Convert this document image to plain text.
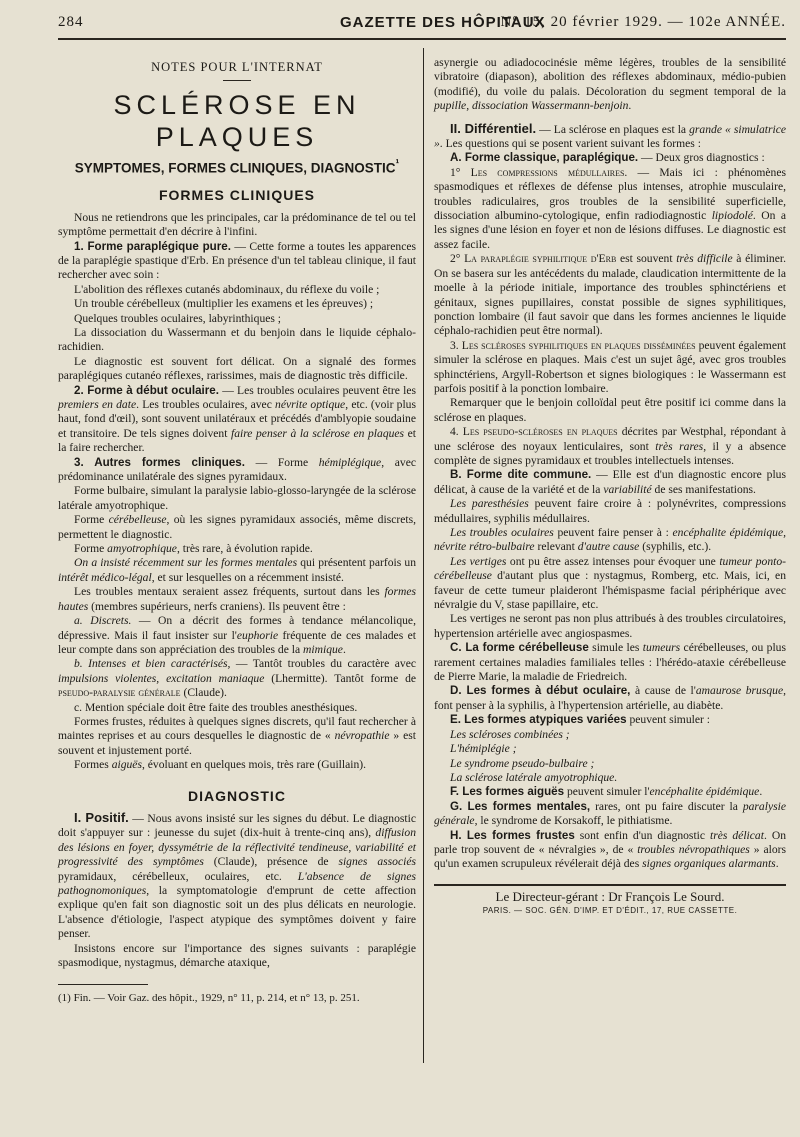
284	GAZETTE DES HÔPITAUX
N° 15, 20 février 1929. — 102e ANNÉE.
NOTES POUR L'INTERNAT
SCLÉROSE EN PLAQUES
SYMPTOMES, FORMES CLINIQUES, $DIAGNOSTIC^{^1}$
FORMES CLINIQUES

Nous ne retiendrons que les principales, car la prédominance de tel ou tel symptôme permettait d'en décrire à l'infini.

1. Forme paraplégique pure. — Cette forme a toutes les apparences de la paraplégie spastique d'Erb. En présence d'un tel tableau clinique, il faut rechercher avec soin :

L'abolition des réflexes cutanés abdominaux, du réflexe du voile ;

Un trouble cérébelleux (multiplier les examens et les épreuves) ;

Quelques troubles oculaires, labyrinthiques ;

La dissociation du Wassermann et du benjoin dans le liquide céphalo-rachidien.

Le diagnostic est souvent fort délicat. On a signalé des formes paraplégiques cutanéo réflexes, rarissimes, mais de diagnostic très difficile.

2. Forme à début oculaire. — Les troubles oculaires peuvent être les premiers en date. Les troubles oculaires, avec névrite optique, etc. (voir plus haut, fond d'œil), sont souvent unilatéraux et précédés d'amblyopie soudaine et transitoire. De tels signes doivent faire penser à la sclérose en plaques et la faire rechercher.

3. Autres formes cliniques. — Forme hémiplégique, avec prédominance unilatérale des signes pyramidaux.

Forme bulbaire, simulant la paralysie labio-glosso-laryngée de la sclérose latérale amyotrophique.

Forme cérébelleuse, où les signes pyramidaux associés, même discrets, permettent le diagnostic.

Forme amyotrophique, très rare, à évolution rapide.

On a insisté récemment sur les formes mentales qui présentent parfois un intérêt médico-légal, et sur lesquelles on a récemment insisté.

Les troubles mentaux seraient assez fréquents, surtout dans les formes hautes (membres supérieurs, nerfs craniens). Ils peuvent être :

a. Discrets. — On a décrit des formes à tendance mélancolique, dépressive. Mais il faut insister sur l'euphorie fréquente de ces malades et leur compte dans son appréciation des troubles de la mimique.

b. Intenses et bien caractérisés, — Tantôt troubles du caractère avec impulsions violentes, excitation maniaque (Lhermitte). Tantôt forme de pseudo-paralysie générale (Claude).

c. Mention spéciale doit être faite des troubles anesthésiques.

Formes frustes, réduites à quelques signes discrets, qu'il faut rechercher à maintes reprises et au cours desquelles le diagnostic de « névropathie » est souvent et injustement porté.

Formes aiguës, évoluant en quelques mois, très rare (Guillain).

DIAGNOSTIC

I. Positif. — Nous avons insisté sur les signes du début. Le diagnostic doit s'appuyer sur : jeunesse du sujet (dix-huit à trente-cinq ans), diffusion des lésions en foyer, dyssymétrie de la réflectivité tendineuse, variabilité et progressivité des symptômes (Claude), présence de signes associés pyramidaux, cérébelleux, oculaires, etc. L'absence de signes pathognomoniques, la symptomatologie d'emprunt de cette affection explique qu'en fait son diagnostic soit un des plus délicats en neurologie. L'absence d'étiologie, l'aspect atypique des symptômes doivent y faire penser.

Insistons encore sur l'importance des signes suivants : paraplégie spasmodique, nystagmus, démarche ataxique,

(1) Fin. — Voir Gaz. des hôpit., 1929, n° 11, p. 214, et n° 13, p. 251.

asynergie ou adiadococinésie même légères, troubles de la sensibilité vibratoire (diapason), abolition des réflexes abdominaux, médio-pubien (modifié), du voile du palais. Décoloration du segment temporal de la pupille, dissociation Wassermann-benjoin.

II. Différentiel. — La sclérose en plaques est la grande « simulatrice ». Les questions qui se posent varient suivant les formes :

A. Forme classique, paraplégique. — Deux gros diagnostics :

1° Les compressions médullaires. — Mais ici : phénomènes spasmodiques et réflexes de défense plus intenses, atrophie musculaire, troubles radiculaires, gros troubles de la sensibilité superficielle, dissociation albumino-cytologique, enfin radiodiagnostic lipiodolé. On a les signes d'une lésion en foyer et non de lésions diffuses. Le diagnostic est assez facile.

2° La paraplégie syphilitique d'Erb est souvent très difficile à éliminer. On se basera sur les antécédents du malade, claudication intermittente de la moelle à la période initiale, importance des troubles sphinctériens et génitaux, signes pupillaires, constat possible de signes syphilitiques, ponction lombaire (il faut savoir que dans les formes anciennes le liquide céphalo-rachidien peut être normal).

3. Les scléroses syphilitiques en plaques disséminées peuvent également simuler la sclérose en plaques. Mais c'est un sujet âgé, avec gros troubles sphinctériens, Argyll-Robertson et signes biologiques : le Wassermann est parfois positif à la ponction lombaire.

Remarquer que le benjoin colloïdal peut être positif ici comme dans la sclérose en plaques.

4. Les pseudo-scléroses en plaques décrites par Westphal, répondant à une sclérose des noyaux lenticulaires, sont très rares, il y a absence complète de signes pyramidaux et troubles intellectuels intenses.

B. Forme dite commune. — Elle est d'un diagnostic encore plus délicat, à cause de la variété et de la variabilité de ses manifestations.

Les paresthésies peuvent faire croire à : polynévrites, compressions médullaires, syphilis médullaires.

Les troubles oculaires peuvent faire penser à : encéphalite épidémique, névrite rétro-bulbaire relevant d'autre cause (syphilis, etc.).

Les vertiges ont pu être assez intenses pour évoquer une tumeur ponto-cérébelleuse d'autant plus que : nystagmus, Romberg, etc. Mais, ici, en faveur de cette tumeur plaideront l'hémispasme facial périphérique avec névralgie du V, stase papillaire, etc.

Les vertiges ne seront pas non plus attribués à des troubles circulatoires, hypertension artérielle avec angiospasmes.

C. La forme cérébelleuse simule les tumeurs cérébelleuses, ou plus rarement certaines maladies familiales telles : l'hérédo-ataxie cérébelleuse de Pierre Marie, la maladie de Friedreich.

D. Les formes à début oculaire, à cause de l'amaurose brusque, font penser à la syphilis, à l'hypertension artérielle, au diabète.

E. Les formes atypiques variées peuvent simuler :

Les scléroses combinées ;

L'hémiplégie ;

Le syndrome pseudo-bulbaire ;

La sclérose latérale amyotrophique.

F. Les formes aiguës peuvent simuler l'encéphalite épidémique.

G. Les formes mentales, rares, ont pu faire discuter la paralysie générale, le syndrome de Korsakoff, le pithiatisme.

H. Les formes frustes sont enfin d'un diagnostic très délicat. On parle trop souvent de « névralgies », de « troubles névropathiques » alors qu'un examen scrupuleux révélerait déjà des signes organiques alarmants.

Le Directeur-gérant : Dr François Le Sourd.

PARIS. — SOC. GÉN. D'IMP. ET D'ÉDIT., 17, RUE CASSETTE.
